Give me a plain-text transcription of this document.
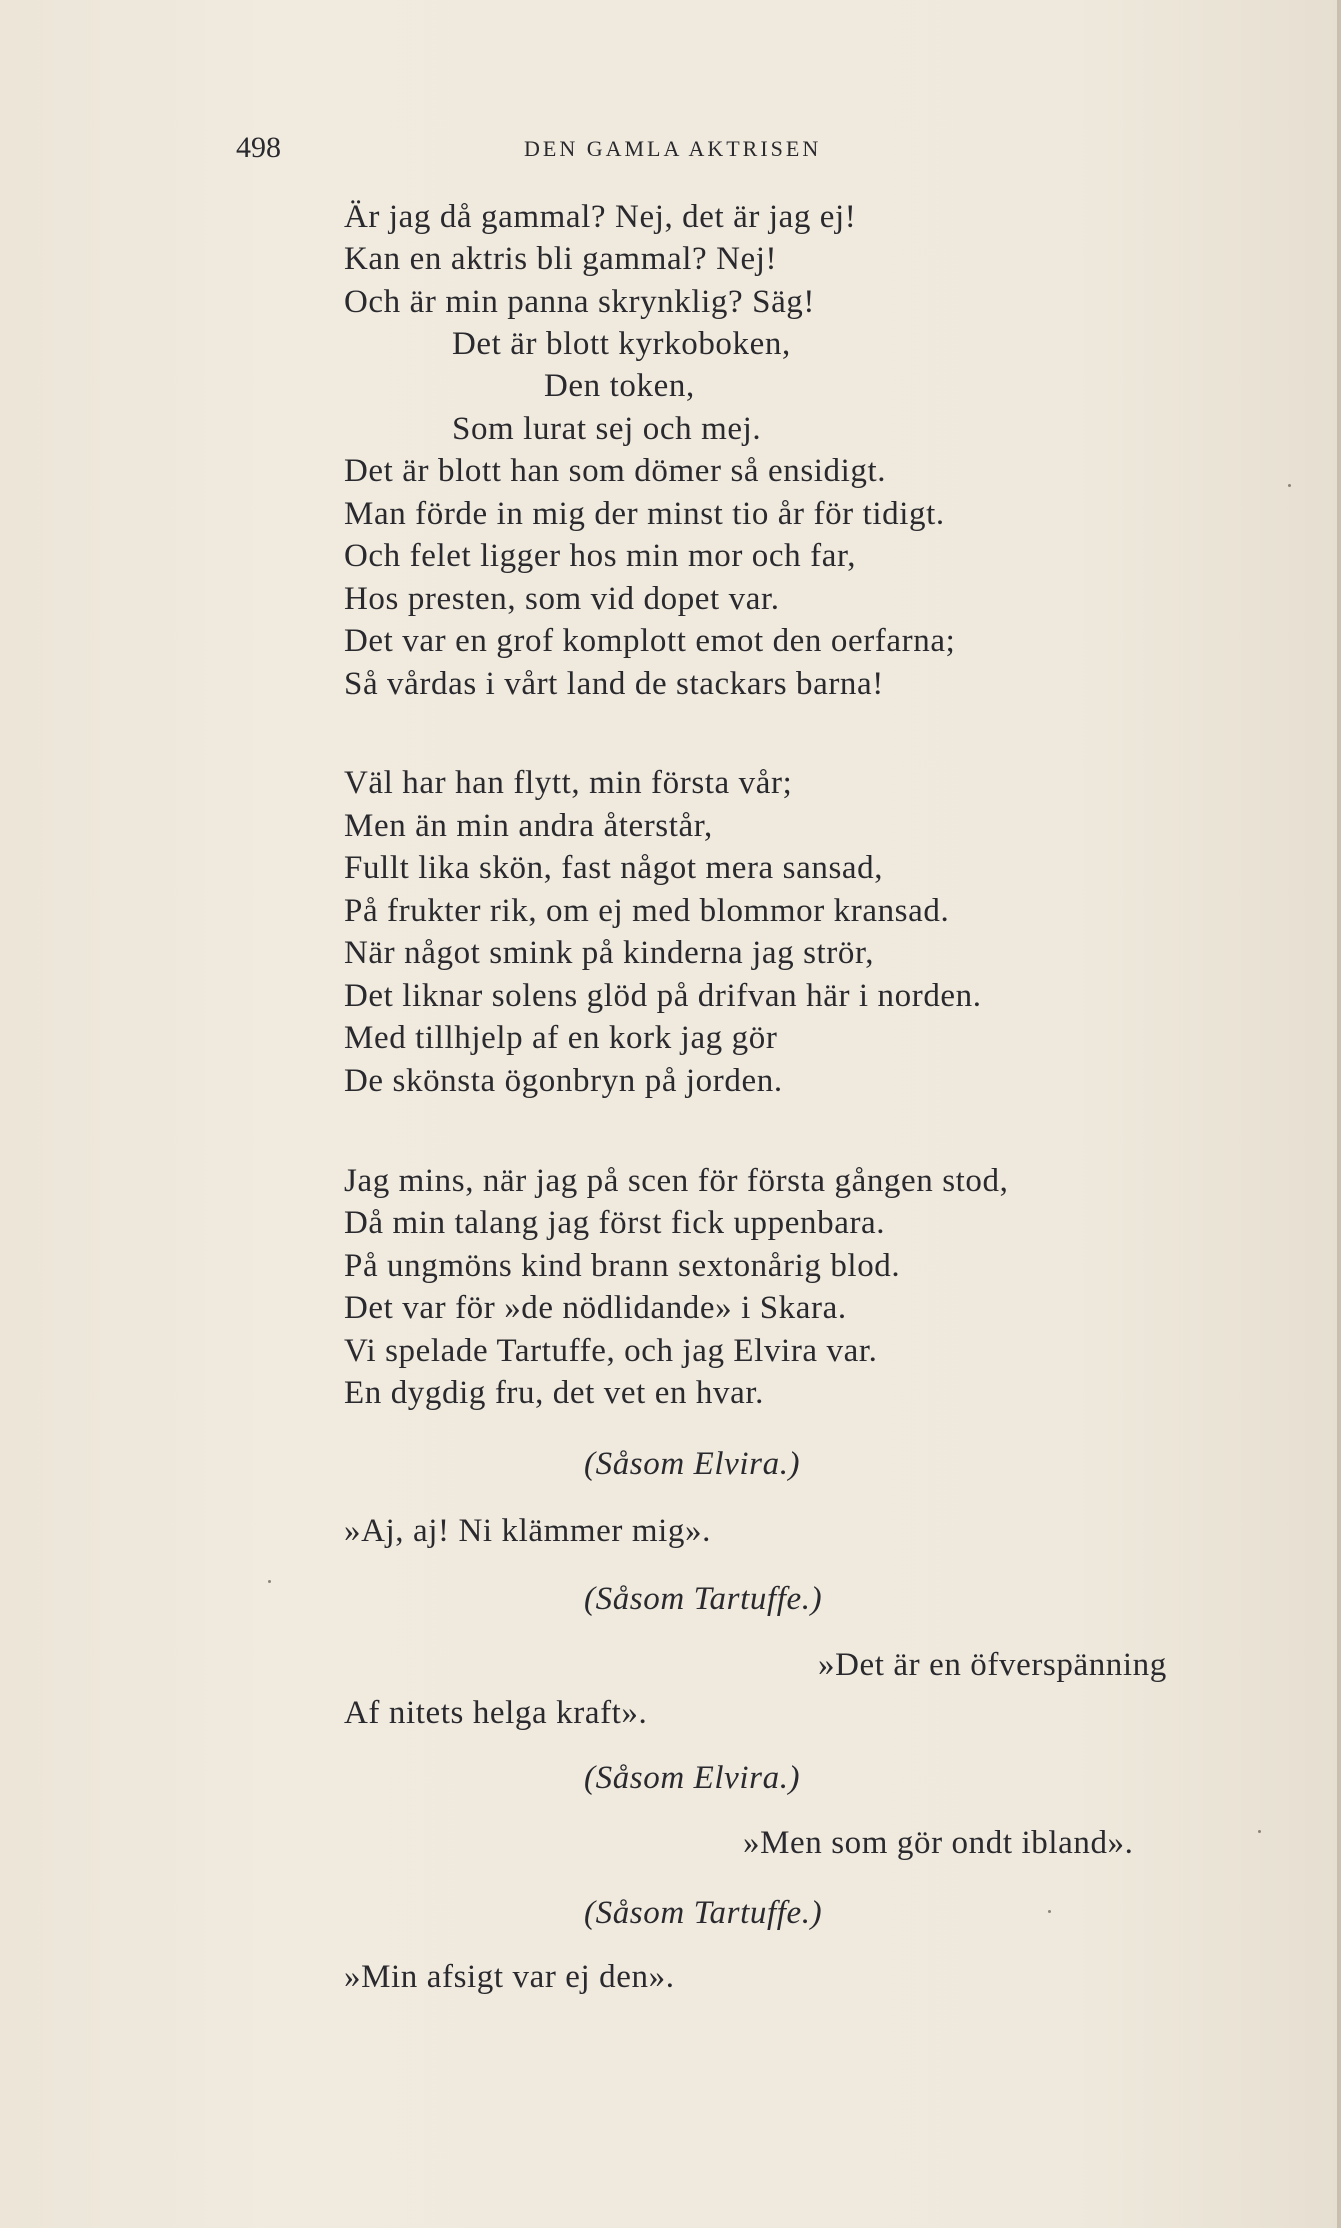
498	DEN GAMLA AKTRISEN
Är jag då gammal? Nej, det är jag ej!
Kan en aktris bli gammal? Nej!
Och är min panna skrynklig? Säg!
Det är blott kyrkoboken,
Den token,
Som lurat sej och mej.
Det är blott han som dömer så ensidigt.
Man förde in mig der minst tio år för tidigt.
Och felet ligger hos min mor och far,
Hos presten, som vid dopet var.
Det var en grof komplott emot den oerfarna;
Så vårdas i vårt land de stackars barna!
Väl har han flytt, min första vår;
Men än min andra återstår,
Fullt lika skön, fast något mera sansad,
På frukter rik, om ej med blommor kransad.
När något smink på kinderna jag strör,
Det liknar solens glöd på drifvan här i norden.
Med tillhjelp af en kork jag gör
De skönsta ögonbryn på jorden.
Jag mins, när jag på scen för första gången stod,
Då min talang jag först fick uppenbara.
På ungmöns kind brann sextonårig blod.
Det var för »de nödlidande» i Skara.
Vi spelade Tartuffe, och jag Elvira var.
En dygdig fru, det vet en hvar.
(Såsom Elvira.)
»Aj, aj! Ni klämmer mig».
(Såsom Tartuffe.)
»Det är en öfverspänning
Af nitets helga kraft».
(Såsom Elvira.)
»Men som gör ondt ibland».
(Såsom Tartuffe.)
»Min afsigt var ej den».
